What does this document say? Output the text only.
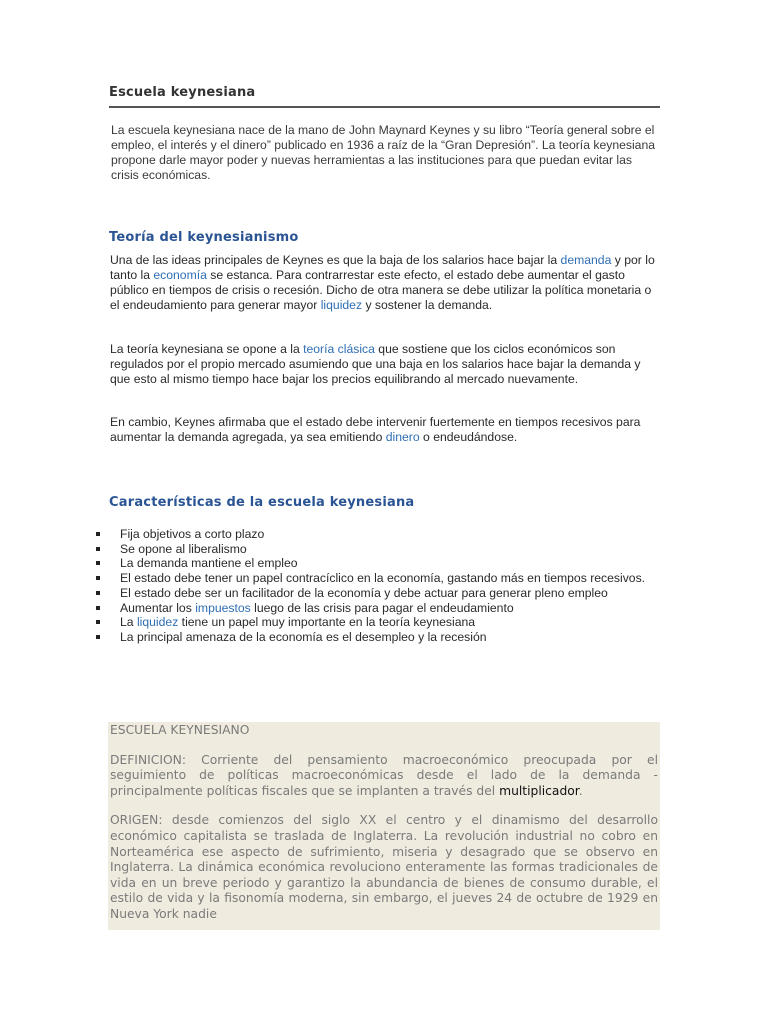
Escuela keynesiana

La escuela keynesiana nace de la mano de John Maynard Keynes y su libro “Teoría general sobre el empleo, el interés y el dinero” publicado en 1936 a raíz de la “Gran Depresión”. La teoría keynesiana propone darle mayor poder y nuevas herramientas a las instituciones para que puedan evitar las crisis económicas.

Teoría del keynesianismo

Una de las ideas principales de Keynes es que la baja de los salarios hace bajar la demanda y por lo tanto la economía se estanca. Para contrarrestar este efecto, el estado debe aumentar el gasto público en tiempos de crisis o recesión. Dicho de otra manera se debe utilizar la política monetaria o el endeudamiento para generar mayor liquidez y sostener la demanda.

La teoría keynesiana se opone a la teoría clásica que sostiene que los ciclos económicos son regulados por el propio mercado asumiendo que una baja en los salarios hace bajar la demanda y que esto al mismo tiempo hace bajar los precios equilibrando al mercado nuevamente.

En cambio, Keynes afirmaba que el estado debe intervenir fuertemente en tiempos recesivos para aumentar la demanda agregada, ya sea emitiendo dinero o endeudándose.

Características de la escuela keynesiana
Fija objetivos a corto plazo
Se opone al liberalismo
La demanda mantiene el empleo
El estado debe tener un papel contracíclico en la economía, gastando más en tiempos recesivos.
El estado debe ser un facilitador de la economía y debe actuar para generar pleno empleo
Aumentar los impuestos luego de las crisis para pagar el endeudamiento
La liquidez tiene un papel muy importante en la teoría keynesiana
La principal amenaza de la economía es el desempleo y la recesión

ESCUELA KEYNESIANO

DEFINICION: Corriente del pensamiento macroeconómico preocupada por el seguimiento de políticas macroeconómicas desde el lado de la demanda - principalmente políticas fiscales que se implanten a través del multiplicador.

ORIGEN: desde comienzos del siglo XX el centro y el dinamismo del desarrollo económico capitalista se traslada de Inglaterra. La revolución industrial no cobro en Norteamérica ese aspecto de sufrimiento, miseria y desagrado que se observo en Inglaterra. La dinámica económica revoluciono enteramente las formas tradicionales de vida en un breve periodo y garantizo la abundancia de bienes de consumo durable, el estilo de vida y la fisonomía moderna, sin embargo, el jueves 24 de octubre de 1929 en Nueva York nadie
